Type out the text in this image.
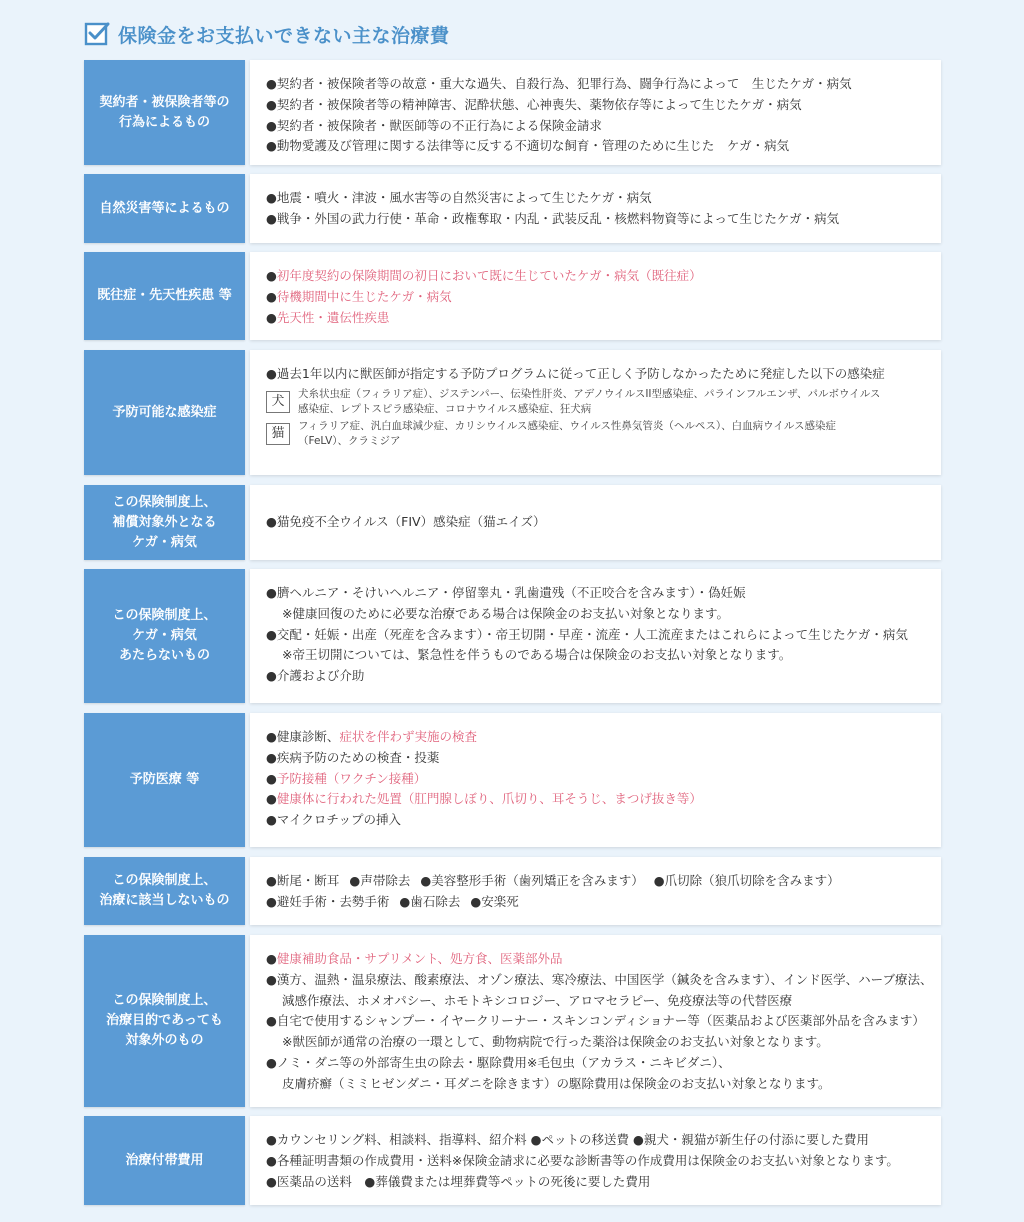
保険金をお支払いできない主な治療費
契約者・被保険者等の
行為によるもの
●契約者・被保険者等の故意・重大な過失、自殺行為、犯罪行為、闘争行為によって　生じたケガ・病気
●契約者・被保険者等の精神障害、泥酔状態、心神喪失、薬物依存等によって生じたケガ・病気
●契約者・被保険者・獣医師等の不正行為による保険金請求
●動物愛護及び管理に関する法律等に反する不適切な飼育・管理のために生じた　ケガ・病気
自然災害等によるもの
●地震・噴火・津波・風水害等の自然災害によって生じたケガ・病気
●戦争・外国の武力行使・革命・政権奪取・内乱・武装反乱・核燃料物資等によって生じたケガ・病気
既往症・先天性疾患 等
●初年度契約の保険期間の初日において既に生じていたケガ・病気（既往症）
●待機期間中に生じたケガ・病気
●先天性・遺伝性疾患
予防可能な感染症
●過去1年以内に獣医師が指定する予防プログラムに従って正しく予防しなかったために発症した以下の感染症
犬	犬糸状虫症（フィラリア症）、ジステンパー、伝染性肝炎、アデノウイルスII型感染症、パラインフルエンザ、パルボウイルス
感染症、レプトスピラ感染症、コロナウイルス感染症、狂犬病
猫	フィラリア症、汎白血球減少症、カリシウイルス感染症、ウイルス性鼻気管炎（ヘルペス）、白血病ウイルス感染症
（FeLV）、クラミジア
この保険制度上、
補償対象外となる
ケガ・病気
●猫免疫不全ウイルス（FIV）感染症（猫エイズ）
この保険制度上、
ケガ・病気
あたらないもの
●臍ヘルニア・そけいヘルニア・停留睾丸・乳歯遺残（不正咬合を含みます）・偽妊娠
※健康回復のために必要な治療である場合は保険金のお支払い対象となります。
●交配・妊娠・出産（死産を含みます）・帝王切開・早産・流産・人工流産またはこれらによって生じたケガ・病気
※帝王切開については、緊急性を伴うものである場合は保険金のお支払い対象となります。
●介護および介助
予防医療 等
●健康診断、症状を伴わず実施の検査
●疾病予防のための検査・投薬
●予防接種（ワクチン接種）
●健康体に行われた処置（肛門腺しぼり、爪切り、耳そうじ、まつげ抜き等）
●マイクロチップの挿入
この保険制度上、
治療に該当しないもの
●断尾・断耳 ●声帯除去 ●美容整形手術（歯列矯正を含みます） ●爪切除（狼爪切除を含みます）
●避妊手術・去勢手術 ●歯石除去 ●安楽死
この保険制度上、
治療目的であっても
対象外のもの
●健康補助食品・サプリメント、処方食、医薬部外品
●漢方、温熱・温泉療法、酸素療法、オゾン療法、寒冷療法、中国医学（鍼灸を含みます）、インド医学、ハーブ療法、
減感作療法、ホメオパシー、ホモトキシコロジー、アロマセラピー、免疫療法等の代替医療
●自宅で使用するシャンプー・イヤークリーナー・スキンコンディショナー等（医薬品および医薬部外品を含みます）
※獣医師が通常の治療の一環として、動物病院で行った薬浴は保険金のお支払い対象となります。
●ノミ・ダニ等の外部寄生虫の除去・駆除費用※毛包虫（アカラス・ニキビダニ）、
皮膚疥癬（ミミヒゼンダニ・耳ダニを除きます）の駆除費用は保険金のお支払い対象となります。
治療付帯費用
●カウンセリング料、相談料、指導料、紹介料 ●ペットの移送費 ●親犬・親猫が新生仔の付添に要した費用
●各種証明書類の作成費用・送料※保険金請求に必要な診断書等の作成費用は保険金のお支払い対象となります。
●医薬品の送料　●葬儀費または埋葬費等ペットの死後に要した費用
